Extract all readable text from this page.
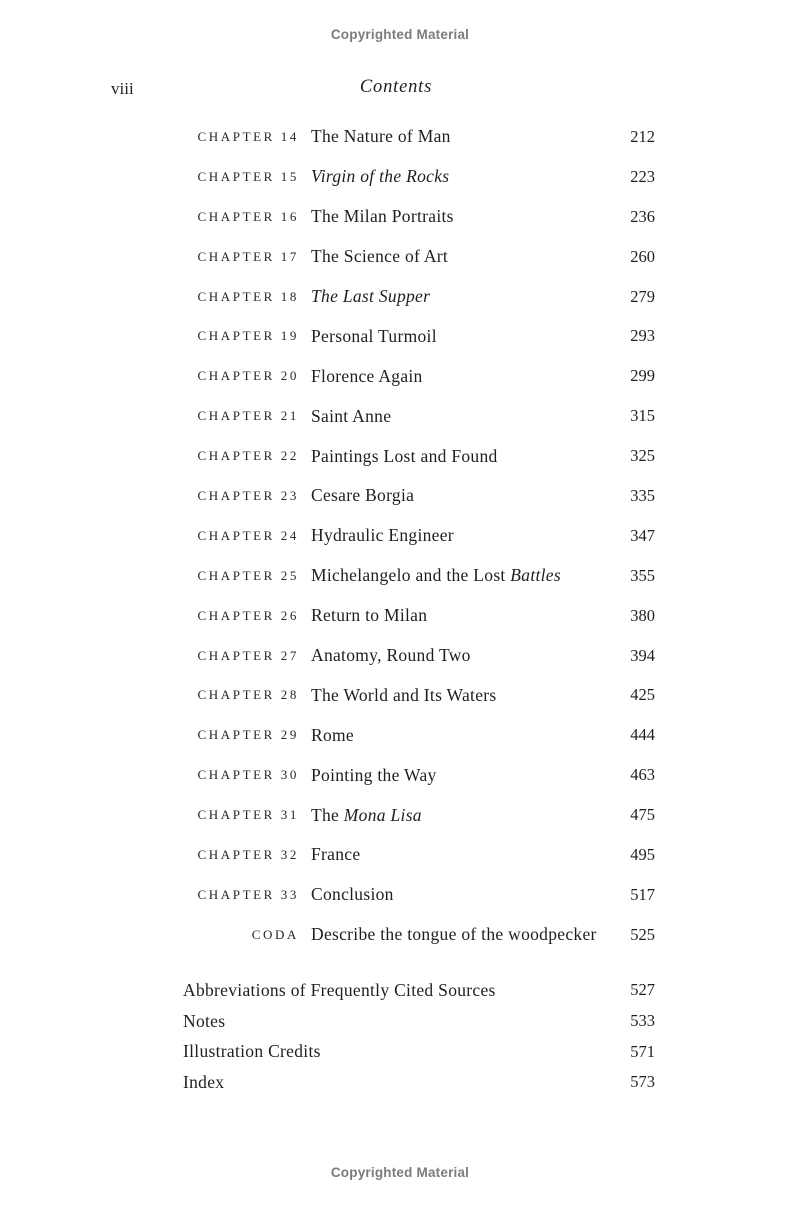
Copyrighted Material
viii	Contents
CHAPTER 14 The Nature of Man	212
CHAPTER 15 Virgin of the Rocks	223
CHAPTER 16 The Milan Portraits	236
CHAPTER 17 The Science of Art	260
CHAPTER 18 The Last Supper	279
CHAPTER 19 Personal Turmoil	293
CHAPTER 20 Florence Again	299
CHAPTER 21 Saint Anne	315
CHAPTER 22 Paintings Lost and Found	325
CHAPTER 23 Cesare Borgia	335
CHAPTER 24 Hydraulic Engineer	347
CHAPTER 25 Michelangelo and the Lost Battles	355
CHAPTER 26 Return to Milan	380
CHAPTER 27 Anatomy, Round Two	394
CHAPTER 28 The World and Its Waters	425
CHAPTER 29 Rome	444
CHAPTER 30 Pointing the Way	463
CHAPTER 31 The Mona Lisa	475
CHAPTER 32 France	495
CHAPTER 33 Conclusion	517
CODA Describe the tongue of the woodpecker	525
Abbreviations of Frequently Cited Sources	527
Notes	533
Illustration Credits	571
Index	573
Copyrighted Material
